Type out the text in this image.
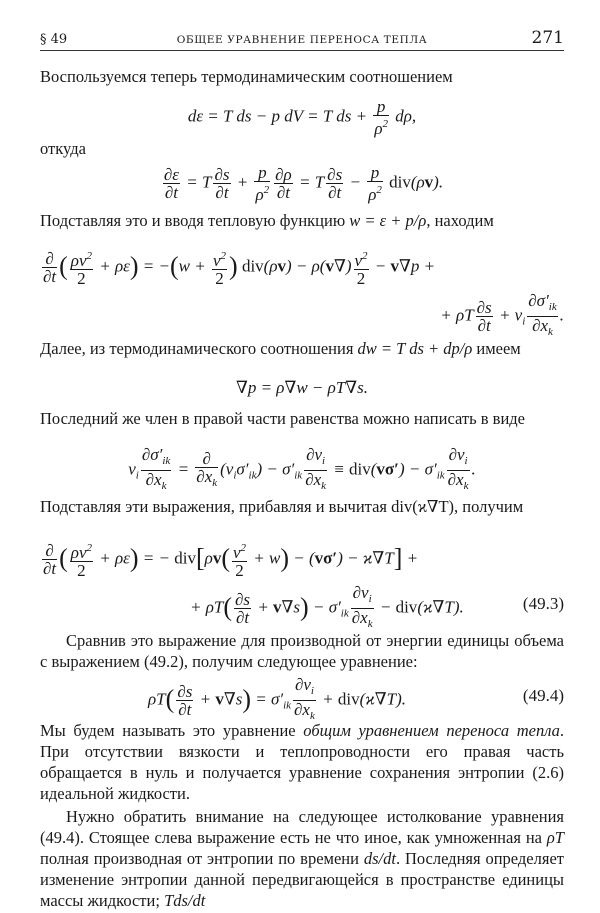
§ 49	ОБЩЕЕ УРАВНЕНИЕ ПЕРЕНОСА ТЕПЛА	271
Воспользуемся теперь термодинамическим соотношением
dε = T ds − p dV = T ds + $\frac{p}{\rho^2} d\rho$,
откуда
$\frac{\partial\varepsilon}{\partial t} = T \frac{\partial s}{\partial t} + \frac{p}{\rho^2} \frac{\partial\rho}{\partial t} = T \frac{\partial s}{\partial t} - \frac{p}{\rho^2} div(\rho v)$.
Подставляя это и вводя тепловую функцию w = ε + p/ρ, находим
$\frac{\partial}{\partial t}$ ( $\frac{\rho v^2}{2} + \rho\varepsilon) = -(w + \frac{v^2}{2}$ ) $div(\rho v) - \rho(v\nabla) \frac{v^2}{2} - v\nabla p$ +
+ ρT $\frac{\partial s}{\partial t} + v_i \frac{\partial\sigma'_{ik}}{\partial x_k}$ .
Далее, из термодинамического соотношения dw = T ds + dp/ρ имеем
∇p = ρ∇w − ρT∇s.
Последний же член в правой части равенства можно написать в виде
$v_i \frac{\partial\sigma'_{ik}}{\partial x_k} = \frac{\partial}{\partial x_k} (v_i\sigma'_{ik}) - \sigma'_{ik} \frac{\partial v_i}{\partial x_k} \equiv div(v\sigma') - \sigma'_{ik} \frac{\partial v_i}{\partial x_k}$ .
Подставляя эти выражения, прибавляя и вычитая div(ϰ∇T), получим
$\frac{\partial}{\partial t}$ ( $\frac{\rho v^2}{2} + \rho\varepsilon$) = − $div[\rho v( \frac{v^2}{2} + w) - (v\sigma') - ϰ\nabla T]$ +
+ $\rho T( \frac{\partial s}{\partial t} + v\nabla s) - \sigma'_{ik} \frac{\partial v_i}{\partial x_k} - div(ϰ\nabla T)$.	(49.3)
Сравнив это выражение для производной от энергии единицы объема с выражением (49.2), получим следующее уравнение:
$\rho T( \frac{\partial s}{\partial t} + v\nabla s) = \sigma'_{ik} \frac{\partial v_i}{\partial x_k} + div(ϰ\nabla T)$.	(49.4)
Мы будем называть это уравнение общим уравнением переноса тепла. При отсутствии вязкости и теплопроводности его правая часть обращается в нуль и получается уравнение сохранения энтропии (2.6) идеальной жидкости.
Нужно обратить внимание на следующее истолкование уравнения (49.4). Стоящее слева выражение есть не что иное, как умноженная на ρT полная производная от энтропии по времени ds/dt. Последняя определяет изменение энтропии данной передвигающейся в пространстве единицы массы жидкости; Tds/dt
